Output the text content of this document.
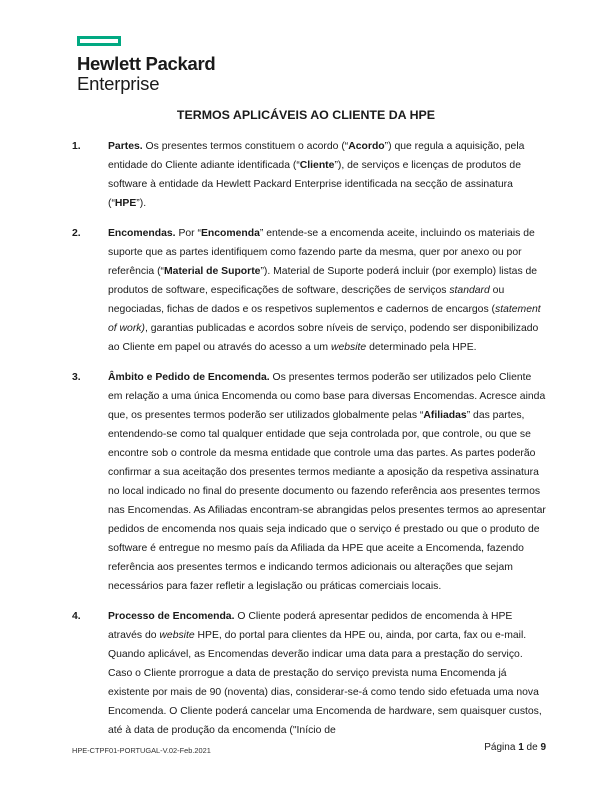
Hewlett Packard
Enterprise
TERMOS APLICÁVEIS AO CLIENTE DA HPE
1.	Partes. Os presentes termos constituem o acordo (“Acordo”) que regula a aquisição, pela entidade do Cliente adiante identificada (“Cliente”), de serviços e licenças de produtos de software à entidade da Hewlett Packard Enterprise identificada na secção de assinatura (“HPE”).

2.	Encomendas. Por “Encomenda” entende-se a encomenda aceite, incluindo os materiais de suporte que as partes identifiquem como fazendo parte da mesma, quer por anexo ou por referência (“Material de Suporte”). Material de Suporte poderá incluir (por exemplo) listas de produtos de software, especificações de software, descrições de serviços standard ou negociadas, fichas de dados e os respetivos suplementos e cadernos de encargos (statement of work), garantias publicadas e acordos sobre níveis de serviço, podendo ser disponibilizado ao Cliente em papel ou através do acesso a um website determinado pela HPE.

3.	Âmbito e Pedido de Encomenda. Os presentes termos poderão ser utilizados pelo Cliente em relação a uma única Encomenda ou como base para diversas Encomendas. Acresce ainda que, os presentes termos poderão ser utilizados globalmente pelas “Afiliadas” das partes, entendendo-se como tal qualquer entidade que seja controlada por, que controle, ou que se encontre sob o controle da mesma entidade que controle uma das partes. As partes poderão confirmar a sua aceitação dos presentes termos mediante a aposição da respetiva assinatura no local indicado no final do presente documento ou fazendo referência aos presentes termos nas Encomendas. As Afiliadas encontram-se abrangidas pelos presentes termos ao apresentar pedidos de encomenda nos quais seja indicado que o serviço é prestado ou que o produto de software é entregue no mesmo país da Afiliada da HPE que aceite a Encomenda, fazendo referência aos presentes termos e indicando termos adicionais ou alterações que sejam necessários para fazer refletir a legislação ou práticas comerciais locais.

4.	Processo de Encomenda. O Cliente poderá apresentar pedidos de encomenda à HPE através do website HPE, do portal para clientes da HPE ou, ainda, por carta, fax ou e-mail. Quando aplicável, as Encomendas deverão indicar uma data para a prestação do serviço. Caso o Cliente prorrogue a data de prestação do serviço prevista numa Encomenda já existente por mais de 90 (noventa) dias, considerar-se-á como tendo sido efetuada uma nova Encomenda. O Cliente poderá cancelar uma Encomenda de hardware, sem quaisquer custos, até à data de produção da encomenda ("Início de

HPE-CTPF01-PORTUGAL-V.02-Feb.2021	Página 1 de 9
